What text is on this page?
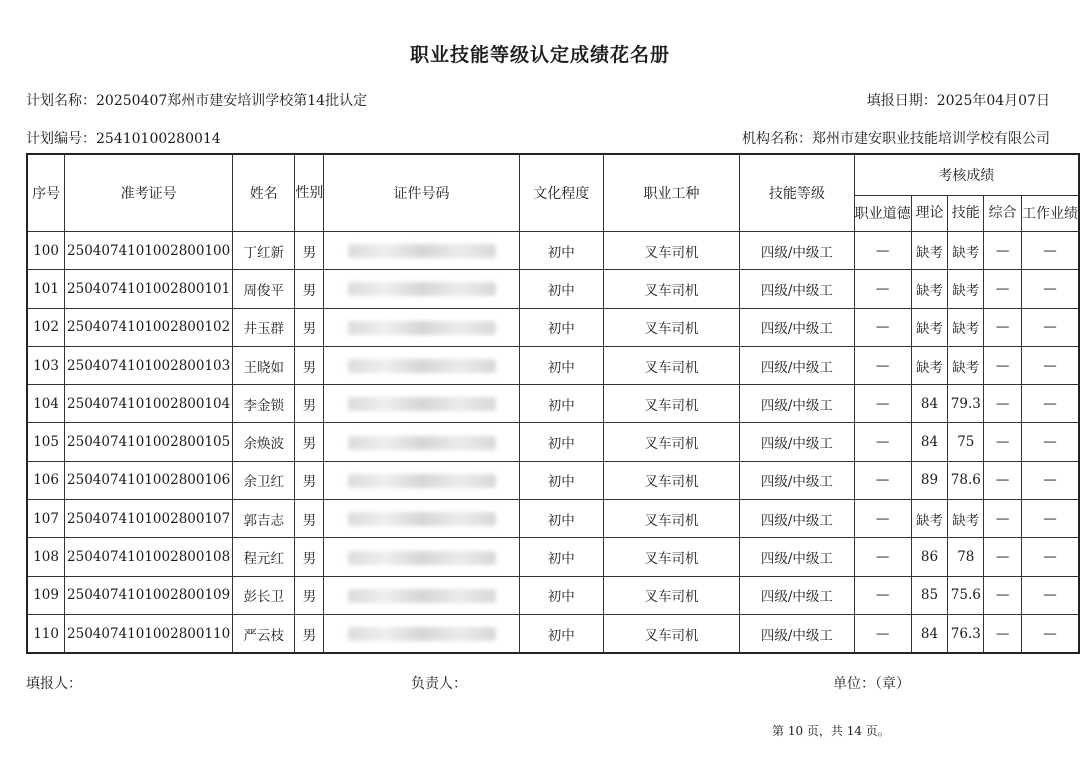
职业技能等级认定成绩花名册
计划名称：20250407郑州市建安培训学校第14批认定	填报日期：2025年04月07日
计划编号：25410100280014	机构名称：郑州市建安职业技能培训学校有限公司
序号	准考证号	姓名	性别	证件号码	文化程度	职业工种	技能等级	考核成绩				
								职业道德	理论	技能	综合	工作业绩
100	2504074101002800100	丁红新	男		初中	叉车司机	四级/中级工	—	缺考	缺考	—	—
101	2504074101002800101	周俊平	男		初中	叉车司机	四级/中级工	—	缺考	缺考	—	—
102	2504074101002800102	井玉群	男		初中	叉车司机	四级/中级工	—	缺考	缺考	—	—
103	2504074101002800103	王晓如	男		初中	叉车司机	四级/中级工	—	缺考	缺考	—	—
104	2504074101002800104	李金锁	男		初中	叉车司机	四级/中级工	—	84	79.3	—	—
105	2504074101002800105	余焕波	男		初中	叉车司机	四级/中级工	—	84	75	—	—
106	2504074101002800106	余卫红	男		初中	叉车司机	四级/中级工	—	89	78.6	—	—
107	2504074101002800107	郭吉志	男		初中	叉车司机	四级/中级工	—	缺考	缺考	—	—
108	2504074101002800108	程元红	男		初中	叉车司机	四级/中级工	—	86	78	—	—
109	2504074101002800109	彭长卫	男		初中	叉车司机	四级/中级工	—	85	75.6	—	—
110	2504074101002800110	严云枝	男		初中	叉车司机	四级/中级工	—	84	76.3	—	—
填报人：	负责人：	单位：（章）
第 10 页，共 14 页。
